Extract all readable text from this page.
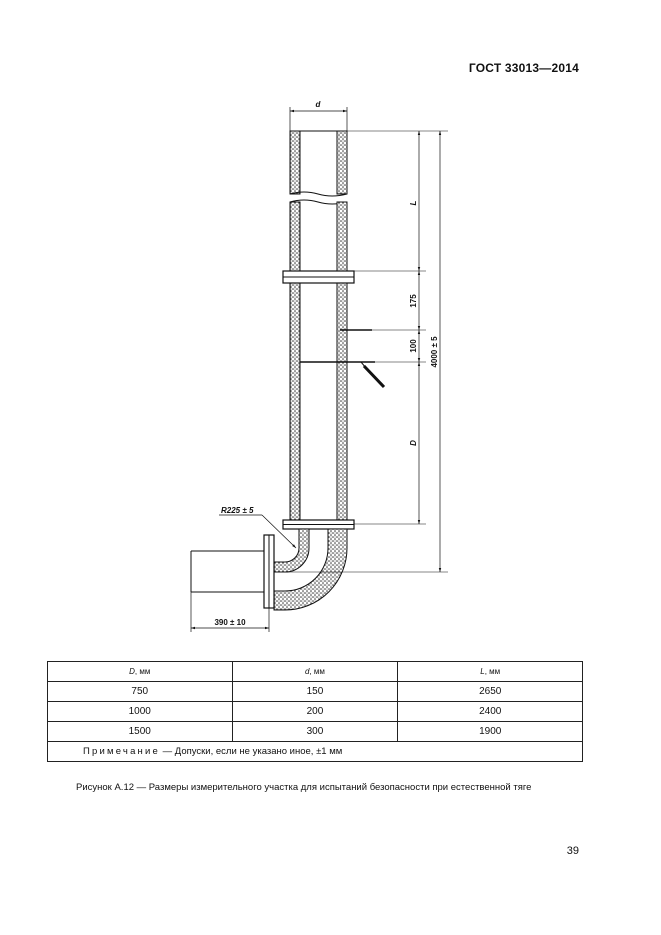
ГОСТ 33013—2014
d
L
175
100 4000 ± 5
D
R225 ± 5
390 ± 10
D, мм	d, мм	L, мм
750	150	2650
1000	200	2400
1500	300	1900
Примечание — Допуски, если не указано иное, ±1 мм		
Рисунок А.12 — Размеры измерительного участка для испытаний безопасности при естественной тяге
39
